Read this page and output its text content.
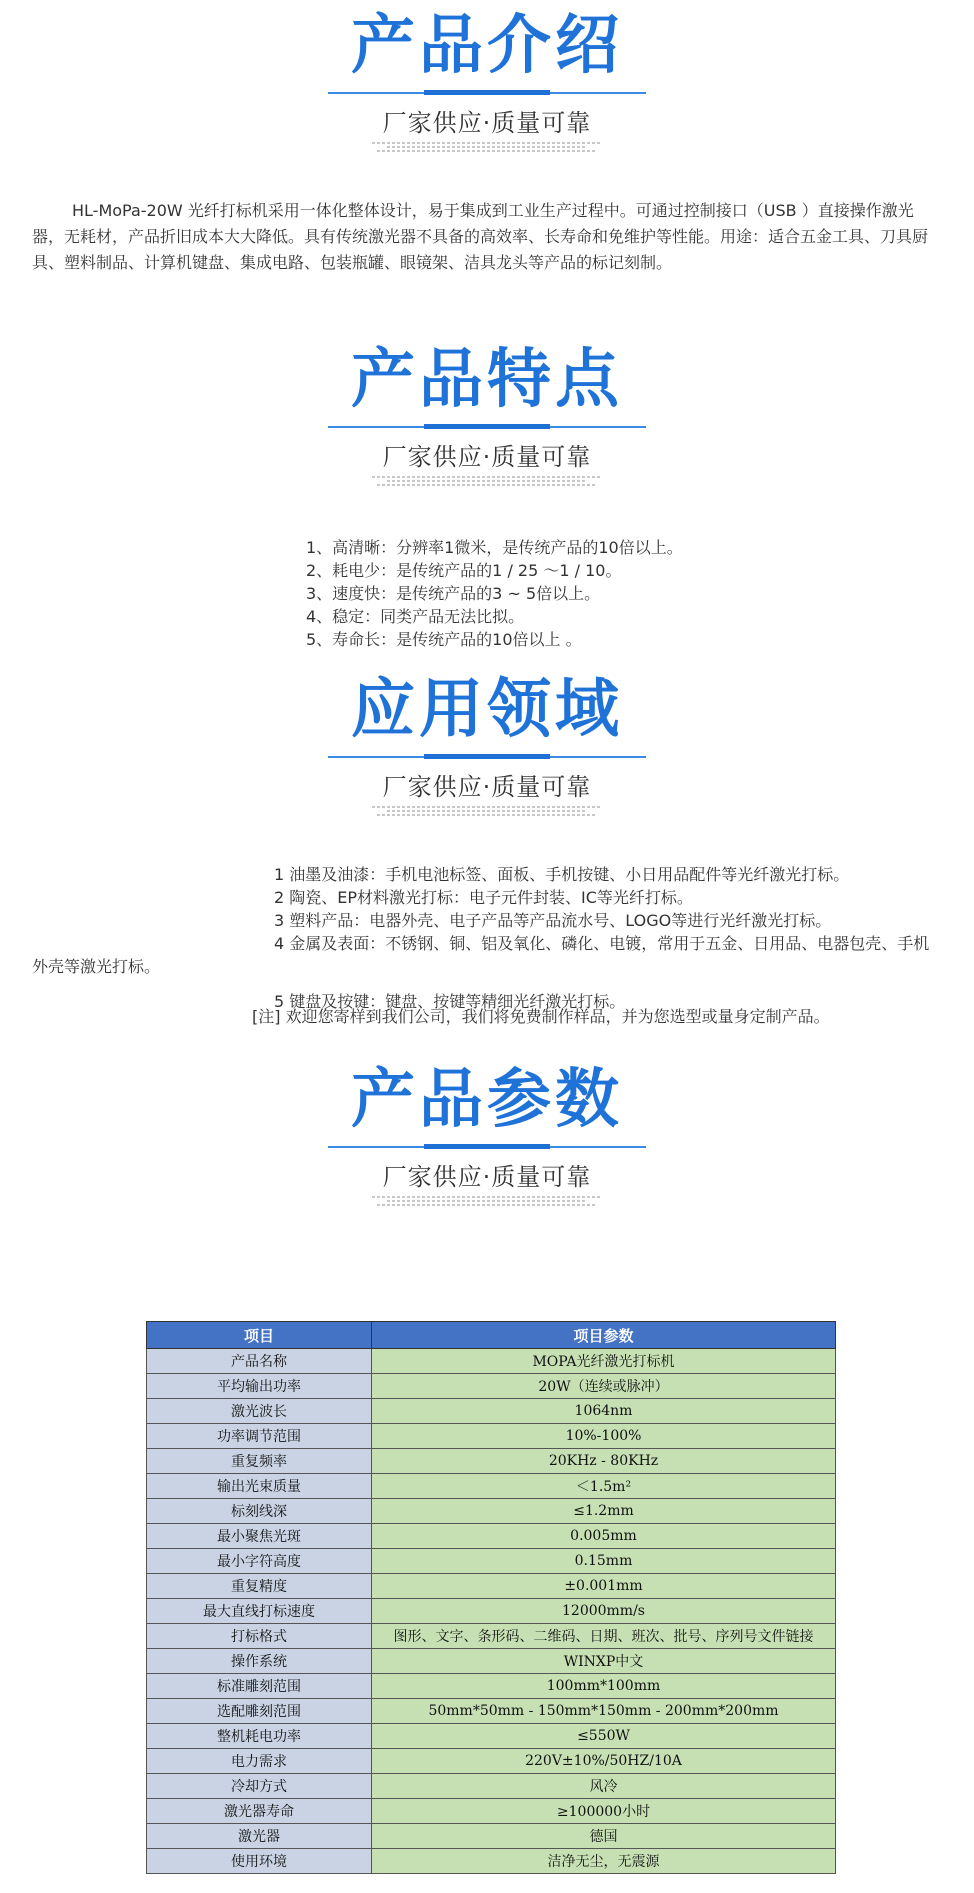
产品介绍
厂家供应·质量可靠

HL-MoPa-20W 光纤打标机采用一体化整体设计，易于集成到工业生产过程中。可通过控制接口（USB ）直接操作激光器，无耗材，产品折旧成本大大降低。具有传统激光器不具备的高效率、长寿命和免维护等性能。用途：适合五金工具、刀具厨具、塑料制品、计算机键盘、集成电路、包装瓶罐、眼镜架、洁具龙头等产品的标记刻制。

产品特点
厂家供应·质量可靠
1、高清晰：分辨率1微米，是传统产品的10倍以上。
2、耗电少：是传统产品的1 / 25 ～1 / 10。
3、速度快：是传统产品的3 ~ 5倍以上。
4、稳定：同类产品无法比拟。
5、寿命长：是传统产品的10倍以上 。
应用领域
厂家供应·质量可靠
1 油墨及油漆：手机电池标签、面板、手机按键、小日用品配件等光纤激光打标。
2 陶瓷、EP材料激光打标：电子元件封装、IC等光纤打标。
3 塑料产品：电器外壳、电子产品等产品流水号、LOGO等进行光纤激光打标。
4 金属及表面：不锈钢、铜、铝及氧化、磷化、电镀，常用于五金、日用品、电器包壳、手机
外壳等激光打标。
5 键盘及按键：键盘、按键等精细光纤激光打标。
[注] 欢迎您寄样到我们公司，我们将免费制作样品，并为您选型或量身定制产品。
产品参数
厂家供应·质量可靠
项目	项目参数
产品名称	MOPA光纤激光打标机
平均输出功率	20W（连续或脉冲）
激光波长	1064nm
功率调节范围	10%-100%
重复频率	20KHz - 80KHz
输出光束质量	＜1.5m²
标刻线深	≤1.2mm
最小聚焦光斑	0.005mm
最小字符高度	0.15mm
重复精度	±0.001mm
最大直线打标速度	12000mm/s
打标格式	图形、文字、条形码、二维码、日期、班次、批号、序列号文件链接
操作系统	WINXP中文
标准雕刻范围	100mm*100mm
选配雕刻范围	50mm*50mm - 150mm*150mm - 200mm*200mm
整机耗电功率	≤550W
电力需求	220V±10%/50HZ/10A
冷却方式	风冷
激光器寿命	≥100000小时
激光器	德国
使用环境	洁净无尘，无震源
